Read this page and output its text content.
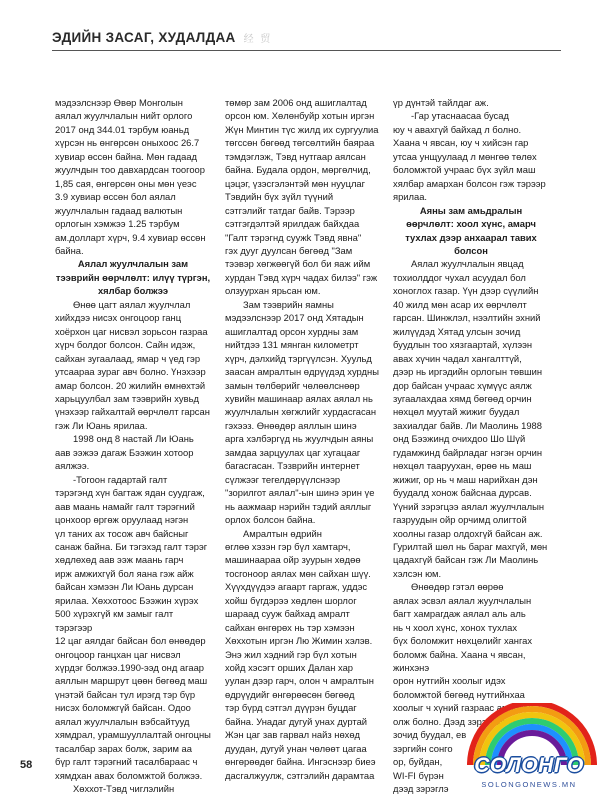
ЭДИЙН ЗАСАГ, ХУДАЛДАА 经 贸

мэдээлснээр Өвөр Монголын

аялал жуулчлалын нийт орлого

2017 онд 344.01 тэрбум юаньд

хүрсэн нь өнгөрсөн оныхоос 26.7

хувиар өссөн байна. Мөн гадаад

жуулчдын тоо давхардсан тоогоор

1,85 сая, өнгөрсөн оны мөн үеэс

3.9 хувиар өссөн бол аялал

жуулчлалын гадаад валютын

орлогын хэмжээ 1.25 тэрбум

ам.доллaрт хүрч, 9.4 хувиар өссөн

байна.

Аялал жуулчлалын зам

тээврийн өөрчлөлт: илүү түргэн,

хялбар болжээ

Өнөө цагт аялал жуулчлал

хийхдээ нисэх онгоцоор ганц

хоёрхон цаг нисвэл зорьсон газраа

хүрч болдог болсон. Сайн идэж,

сайхан зугаалаад, ямар ч үед гэр

утсаараа зураг авч болно. Үнэхээр

амар болсон. 20 жилийн өмнөхтэй

харьцуулбал зам тээврийн хувьд

үнэхээр гайхалтай өөрчлөлт гарсан

гэж Ли Юань ярилаа.

1998 онд 8 настай Ли Юань

аав ээжээ дагаж Бээжин хотоор

аялжээ.

-Тогоон гадартай галт

тэрэгэнд хүн багтаж ядан суудгаж,

аав маань намайг галт тэрэгний

цонхоор өргөж оруулаад нэгэн

үл таних ах тосож авч байсныг

санаж байна. Би тэгэхэд галт тэрэг

хөдлөхөд аав ээж маань гарч

ирж амжихгүй бол яана гэж айж

байсан хэмээн Ли Юань дурсан

ярилаа. Хөххотоос Бээжин хүрэх

500 хүрэхгүй км замыг галт тэрэгээр

12 цаг аялдаг байсан бол өнөөдөр

онгоцоор ганцхан цаг нисвэл

хүрдэг болжээ.1990-ээд онд агаар

аяллын маршрут цөөн бөгөөд маш

үнэтэй байсан тул ирэгд тэр бүр

нисэх боломжгүй байсан. Одоо

аялал жуулчлалын вэбсайтууд

хямдрал, урамшууллалтай онгоцны

тасалбар зарах болж, зарим аа

бүр галт тэрэгний тасалбараас ч

хямдхан авах боломжтой болжээ.

Хөххот-Тэвд чиглэлийн

төмөр зам 2006 онд ашиглалтад

орсон юм. Хөлөнбуйр хотын иргэн

Жүн Минтин түс жилд их сургуулиа

төгссөн бөгөөд төгсөлтийн баяраа

тэмдэглэж, Тэвд нутгаар аялсан

байна. Будала ордон, мөргөлчид,

цэцэг, үзэсгэлэнтэй мөн нууцлаг

Тэвдийн бүх зүйл түүний

сэтгэлийг татдаг байв. Тэрээр

сэтгэгдэлтэй ярилдаж байхдаа

"Галт тэрэгнд суужk Тэвд явна"

гэх дууг дуулсан бөгөөд "Зам

тээвэр хөгжөөгүй бол би яаж ийм

хурдан Тэвд хүрч чадах билээ" гэж

олзуурхан ярьсан юм.

Зам тээврийн яамны

мэдээлснээр 2017 онд Хятадын

ашиглалтад орсон хурдны зам

нийтдээ 131 мянган километрт

хүрч, дэлхийд тэргүүлсэн. Хуульд

заасан амралтын өдрүүдэд хурдны

замын төлбөрийг чөлөөлснөөр

хувийн машинаар аялах аялал нь

жуулчлалын хөгжлийг хурдасгасан

гэхээз. Өнөөдөр аяллын шинэ

арга хэлбэргүд нь жуулчдын аяны

замдаа зарцуулах цаг хугацааг

багасгасан. Тэзврийн интернет

сүлжээг тегелдөрүүлснээр

"зорилгот аялал"-ын шинэ эрин үе

нь аажмаар нэрийн тэдий аяллыг

орлох болсон байна.

Амралтын өдрийн

өглөө хэзэн гэр бүл хамтарч,

машинаараа ойр зуурын хөдөө

тосгоноор аялах мөн сайхан шүү.

Хүүхдүүдээ агаарт гаргаж, уддэс

хойш бүгдэрээ хөдлөн шорлог

шараад сууж байхад амралт

сайхан өнгөрөх нь тэр хэмээн

Хөххотын иргэн Лю Жимин хэлэв.

Энэ жил хэдний гэр бүл хотын

хойд хэсэгт орших Далан хар

уулан дээр гарч, олон ч амралтын

өдрүүдийг өнгөрөөсөн бөгөөд

тэр бүрд сэтгэл дүүрэн буцдаг

байна. Унадаг дугуй унах дуртай

Жэн цаг зав гарвал найз нөхөд

дуудан, дугуй унан чөлөөт цагаа

өнгөрөөдөг байна. Ингэснээр биеэ

дасгалжуулж, сэтгэлийн дарамтаа

үр дүнтэй тайлдаг аж.

-Гар утаснаасаа бусад

юу ч авахгүй байхад л болно.

Хаана ч явсан, юу ч хийсэн гар

утсаа унщуулаад л мөнгөө төлөх

боломжтой учраас бүх зүйл маш

хялбар амархан болсон гэж тэрээр

ярилаа.

Аяны зам амьдралын

өөрчлөлт: хоол хүнс, амарч

тухлах дээр анхаарал тавих

болсон

Аялал жуулчлалын явцад

тохиолддог чухал асуудал бол

хоноглох газар. Үүн дээр сүүлийн

40 жилд мөн асар их өөрчлөлт

гарсан. Шинжлэл, нээлтийн эхний

жилүүдэд Хятад улсын зочид

буудлын тоо хязгаартай, хүлээн

авах хүчин чадал хангалттүй,

дээр нь иргэдийн орлогын төвшин

дор байсан учраас хүмүүс аялж

зугаалахдаа хямд бөгөөд орчин

нөхцөл муутай жижиг буудал

захиалдаг байв. Ли Маолинь 1988

онд Бээжинд очихдоо Шо Шүй

гудамжинд байрладаг нэгэн орчин

нөхцөл таарууxан, өрөө нь маш

жижиг, ор нь ч маш нарийхан дэн

буудалд хонож байснаа дурсав.

Үүний зэрэгцээ аялал жуулчлалын

газруудын ойр орчимд олигтой

хоолны газар олдохгүй байсан аж.

Гурилтай шөл нь барaг махгүй, мөн

цадахгүй байсан гэж Ли Маолинь

хэлсэн юм.

Өнөөдөр гэтэл өөрөө

аялах эсвэл аялал жуулчлалын

багт хамрагдаж аялал аль аль

нь ч хоол хүнс, хонох тухлах

бүх боломжит нөхцөлийг хангах

боломж байна. Хаана ч явсан, жинхэнэ

орон нутгийн хоолыг идэх

боломжтой бөгөөд нутгийнхаа

хоолыг ч хүний газраас амархан

олж болно. Дээд зэрэглэлийн

зочид буудал, ев

зэргийн сонго

ор, буйдан,

WI-FI бүрэн

дээд зэрэглэ

58	СОЛОНГО
SOLONGONEWS.MN
